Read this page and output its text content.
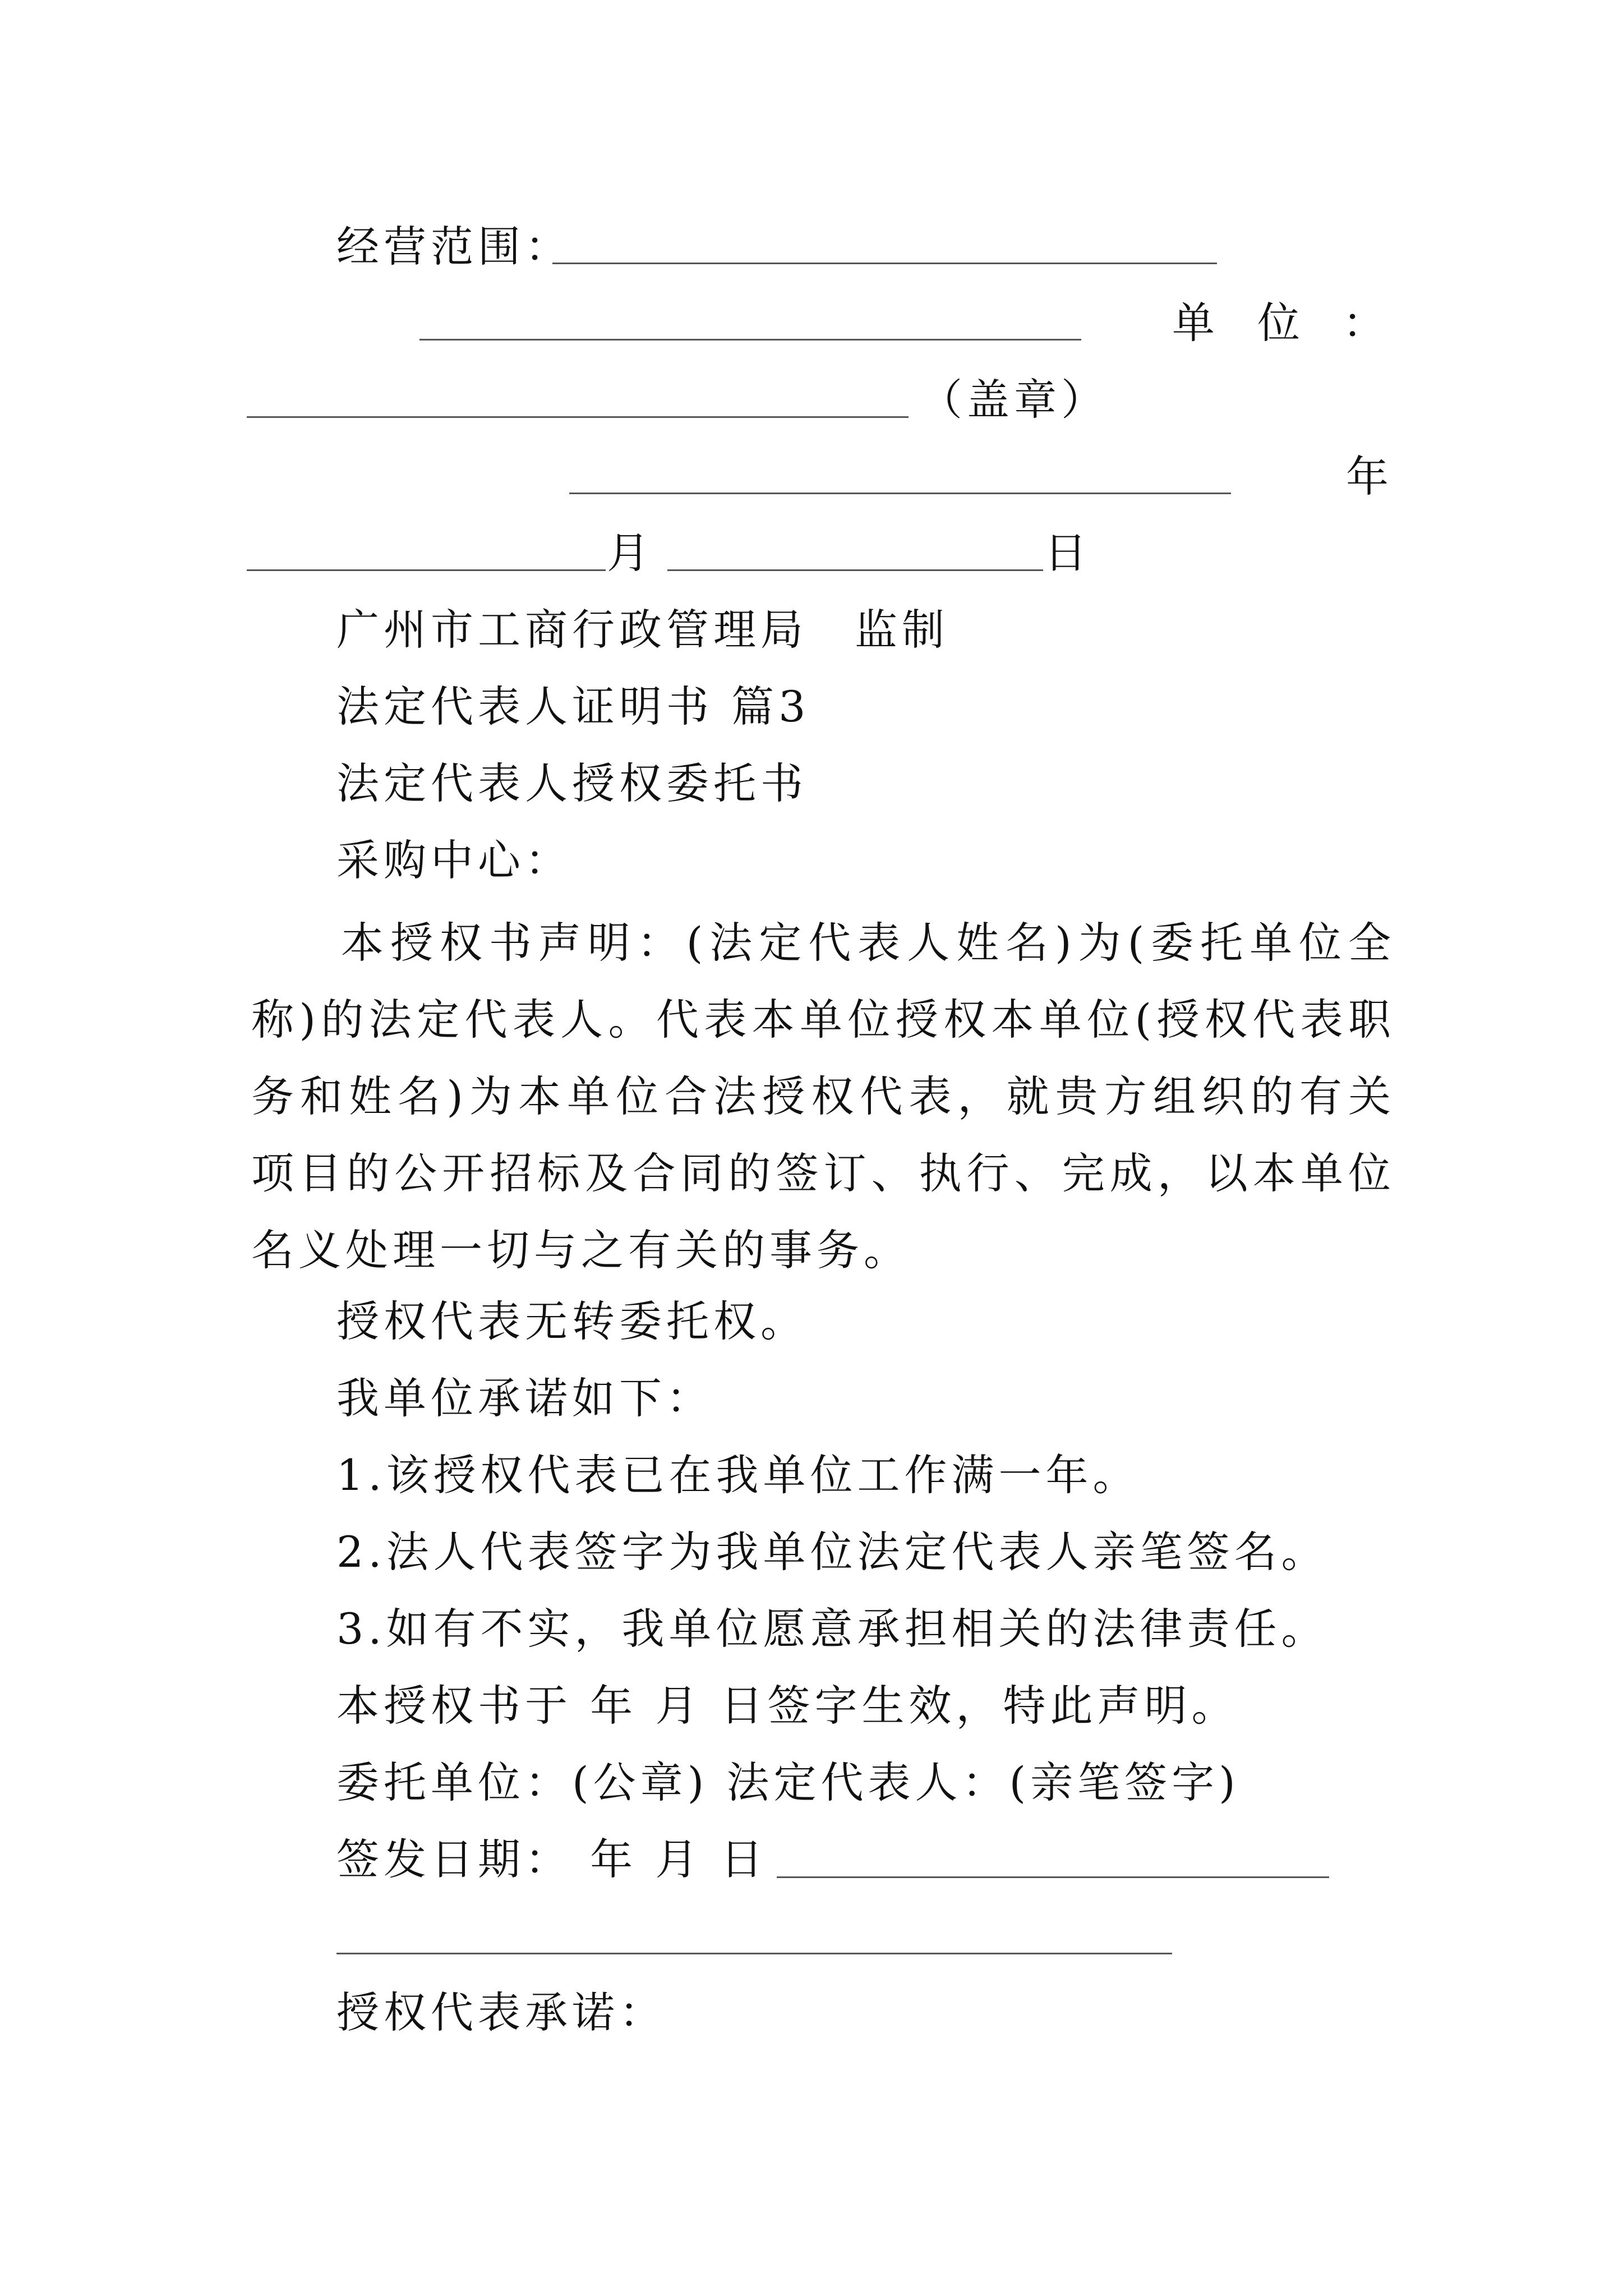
经营范围：
单　位　：
（盖章）
年
月	日
广州市工商行政管理局　监制
法定代表人证明书 篇3
法定代表人授权委托书
采购中心：
本授权书声明：(法定代表人姓名)为(委托单位全称)的法定代表人。代表本单位授权本单位(授权代表职务和姓名)为本单位合法授权代表，就贵方组织的有关 项目的公开招标及合同的签订、执行、完成，以本单位名义处理一切与之有关的事务。
授权代表无转委托权。
我单位承诺如下：
1.该授权代表已在我单位工作满一年。
2.法人代表签字为我单位法定代表人亲笔签名。
3.如有不实，我单位愿意承担相关的法律责任。
本授权书于 年 月 日签字生效，特此声明。
委托单位：(公章) 法定代表人：(亲笔签字)
签发日期： 年 月 日
授权代表承诺：
